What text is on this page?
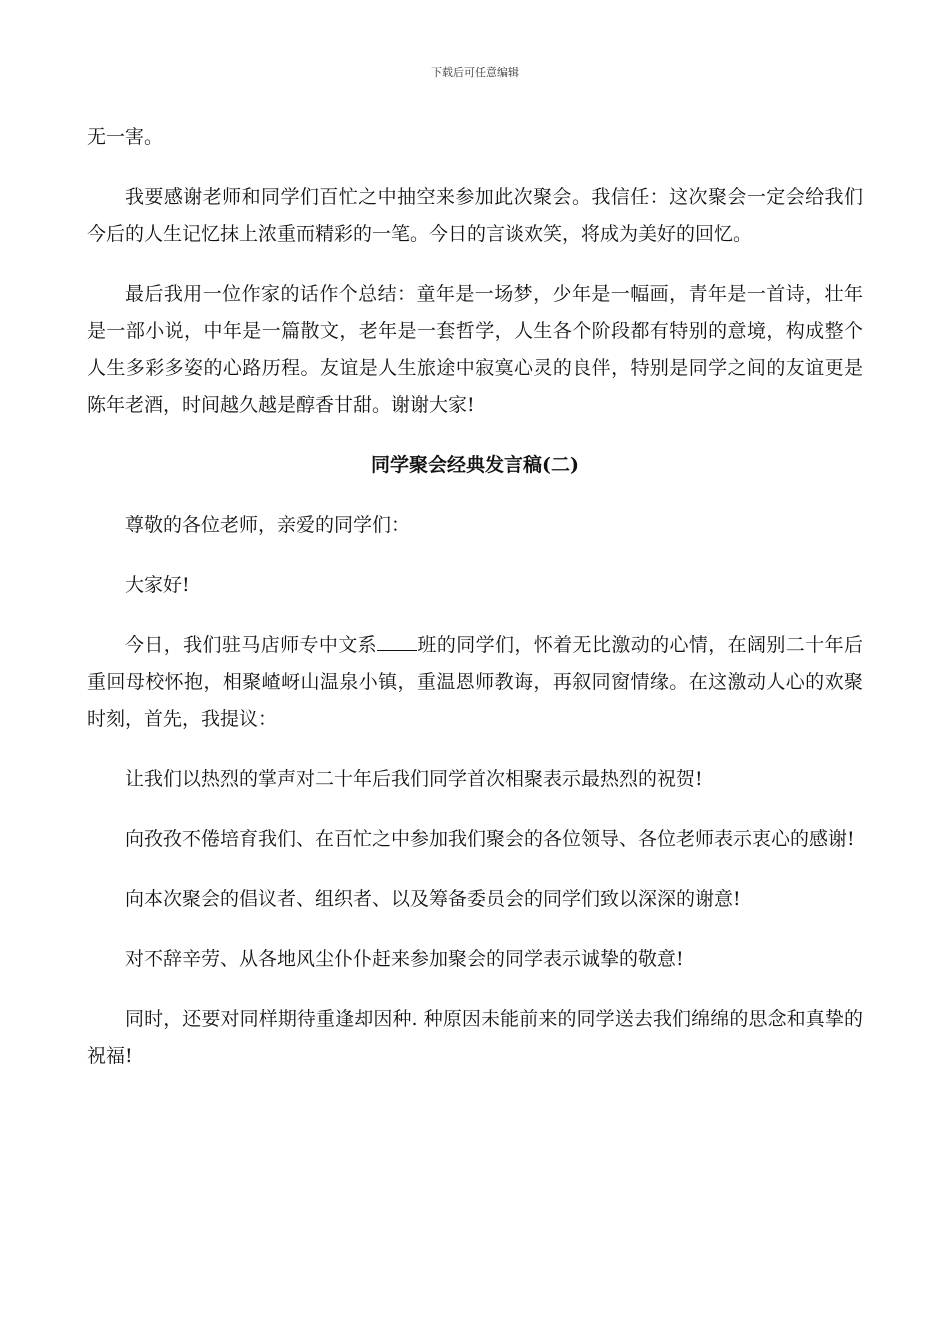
下载后可任意编辑

无一害。

我要感谢老师和同学们百忙之中抽空来参加此次聚会。我信任：这次聚会一定会给我们今后的人生记忆抹上浓重而精彩的一笔。今日的言谈欢笑，将成为美好的回忆。

最后我用一位作家的话作个总结：童年是一场梦，少年是一幅画，青年是一首诗，壮年是一部小说，中年是一篇散文，老年是一套哲学，人生各个阶段都有特别的意境，构成整个人生多彩多姿的心路历程。友谊是人生旅途中寂寞心灵的良伴，特别是同学之间的友谊更是陈年老酒，时间越久越是醇香甘甜。谢谢大家!

同学聚会经典发言稿(二)

尊敬的各位老师，亲爱的同学们：

大家好!

今日，我们驻马店师专中文系 班的同学们，怀着无比激动的心情，在阔别二十年后重回母校怀抱，相聚嵖岈山温泉小镇，重温恩师教诲，再叙同窗情缘。在这激动人心的欢聚时刻，首先，我提议：

让我们以热烈的掌声对二十年后我们同学首次相聚表示最热烈的祝贺!

向孜孜不倦培育我们、在百忙之中参加我们聚会的各位领导、各位老师表示衷心的感谢!

向本次聚会的倡议者、组织者、以及筹备委员会的同学们致以深深的谢意!

对不辞辛劳、从各地风尘仆仆赶来参加聚会的同学表示诚挚的敬意!

同时，还要对同样期待重逢却因种. 种原因未能前来的同学送去我们绵绵的思念和真挚的祝福!
